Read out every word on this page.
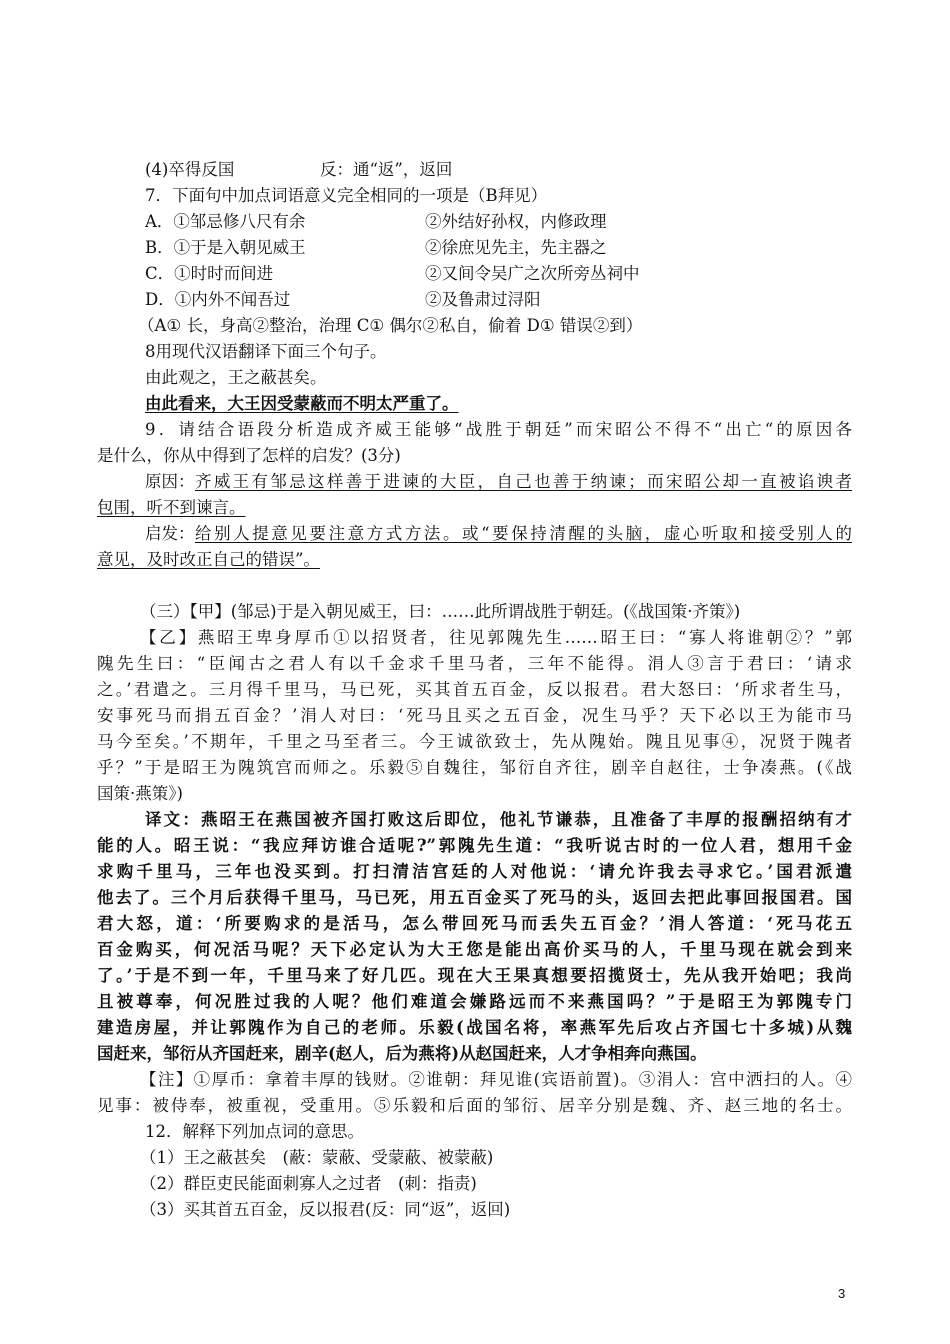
(4)卒得反国	反：通“返”，返回
7．下面句中加点词语意义完全相同的一项是（B拜见）
A．①邹忌修八尺有余	②外结好孙权，内修政理
B．①于是入朝见威王	②徐庶见先主，先主器之
C．①时时而间进	②又间令吴广之次所旁丛祠中
D．①内外不闻吾过	②及鲁肃过浔阳
（A① 长，身高②整治，治理 C① 偶尔②私自，偷着 D① 错误②到）
8用现代汉语翻译下面三个句子。
由此观之，王之蔽甚矣。
由此看来，大王因受蒙蔽而不明太严重了。
9．请结合语段分析造成齐威王能够“战胜于朝廷”而宋昭公不得不“出亡“的原因各
是什么，你从中得到了怎样的启发？(3分)
原因： 齐威王有邹忌这样善于进谏的大臣，自己也善于纳谏；而宋昭公却一直被谄谀者
包围，听不到谏言。
启发： 给别人提意见要注意方式方法。或“要保持清醒的头脑，虚心听取和接受别人的
意见，及时改正自己的错误”。
（三）【甲】(邹忌)于是入朝见威王，曰：……此所谓战胜于朝廷。(《战国策·齐策》)
【乙】燕昭王卑身厚币①以招贤者，往见郭隗先生……昭王曰：“寡人将谁朝②？”郭
隗先生曰：“臣闻古之君人有以千金求千里马者，三年不能得。涓人③言于君曰：‘请求
之。’君遣之。三月得千里马，马已死，买其首五百金，反以报君。君大怒曰：‘所求者生马，
安事死马而捐五百金？’涓人对曰：‘死马且买之五百金，况生马乎？天下必以王为能市马
马今至矣。’不期年，千里之马至者三。今王诚欲致士，先从隗始。隗且见事④，况贤于隗者
乎？”于是昭王为隗筑宫而师之。乐毅⑤自魏往，邹衍自齐往，剧辛自赵往，士争凑燕。(《战
国策·燕策》)
译文：燕昭王在燕国被齐国打败这后即位，他礼节谦恭，且准备了丰厚的报酬招纳有才
能的人。昭王说：“我应拜访谁合适呢?”郭隗先生道：“我听说古时的一位人君，想用千金
求购千里马，三年也没买到。打扫清洁宫廷的人对他说：‘请允许我去寻求它。’国君派遣
他去了。三个月后获得千里马，马已死，用五百金买了死马的头，返回去把此事回报国君。国
君大怒，道：‘所要购求的是活马，怎么带回死马而丢失五百金？’涓人答道：‘死马花五
百金购买，何况活马呢？天下必定认为大王您是能出高价买马的人，千里马现在就会到来
了。’于是不到一年，千里马来了好几匹。现在大王果真想要招揽贤士，先从我开始吧；我尚
且被尊奉，何况胜过我的人呢？他们难道会嫌路远而不来燕国吗？”于是昭王为郭隗专门
建造房屋，并让郭隗作为自己的老师。乐毅(战国名将，率燕军先后攻占齐国七十多城)从魏
国赶来，邹衍从齐国赶来，剧辛(赵人，后为燕将)从赵国赶来，人才争相奔向燕国。
【注】①厚币：拿着丰厚的钱财。②谁朝：拜见谁(宾语前置)。③涓人：宫中洒扫的人。④
见事：被侍奉，被重视，受重用。⑤乐毅和后面的邹衍、居辛分别是魏、齐、赵三地的名士。
12．解释下列加点词的意思。
（1）王之蔽甚矣　(蔽：蒙蔽、受蒙蔽、被蒙蔽)
（2）群臣吏民能面刺寡人之过者　(刺：指责)
（3）买其首五百金，反以报君(反：同“返”，返回)
3
